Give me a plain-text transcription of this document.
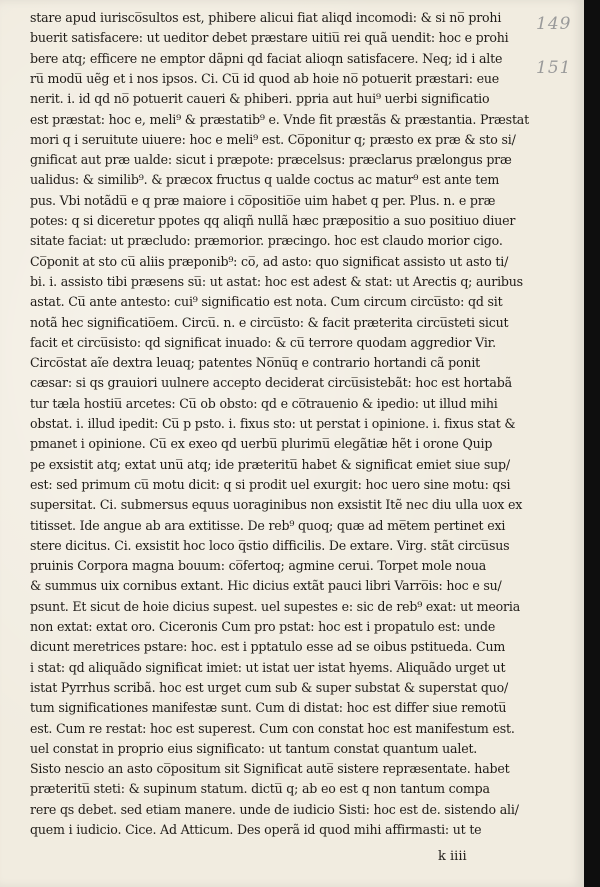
149
151
stare apud iurisco̅sultos est, phibere alicui fiat aliqd incomodi: & si no̅ prohi
buerit satisfacere: ut ueditor debet præstare uitiu̅ rei quã uendit: hoc e prohi
bere atq; efficere ne emptor dãpni qd faciat alioqn satisfacere. Neq; id i alte
ru̅ modu̅ uẽg et i nos ipsos. Ci. Cu̅ id quod ab hoie no̅ potuerit præstari: eue
nerit. i. id qd no̅ potuerit caueri & phiberi. ppria aut hui⁹ uerbi significatio
est præstat: hoc e, meli⁹ & præstatib⁹ e. Vnde fit præstãs & præstantia. Præstat
mori q i seruitute uiuere: hoc e meli⁹ est. Co̅ponitur q; præsto ex præ & sto si/
gnificat aut præ ualde: sicut i præpote: præcelsus: præclarus prælongus præ
ualidus: & similib⁹. & præcox fructus q ualde coctus ac matur⁹ est ante tem
pus. Vbi notãdu̅ e q præ maiore i co̅positio̅e uim habet q per. Plus. n. e præ
potes: q si diceretur ppotes qq aliqñ nullã hæc præpositio a suo positiuo diuer
sitate faciat: ut præcludo: præmorior. præcingo. hoc est claudo morior cigo.
Co̅ponit at sto cu̅ aliis præponib⁹: co̅, ad asto: quo significat assisto ut asto ti/
bi. i. assisto tibi præsens su̅: ut astat: hoc est adest & stat: ut Arectis q; auribus
astat. Cu̅ ante antesto: cui⁹ significatio est nota. Cum circum circu̅sto: qd sit
notã hec significatio̅em. Circu̅. n. e circu̅sto: & facit præterita circu̅steti sicut
facit et circu̅sisto: qd significat inuado: & cu̅ terrore quodam aggredior Vir.
Circo̅stat aĩe dextra leuaq; patentes No̅nu̅q e contrario hortandi cã ponit
cæsar: si qs grauiori uulnere accepto deciderat circu̅sistebãt: hoc est hortabã
tur tæla hostiu̅ arcetes: Cu̅ ob obsto: qd e co̅trauenio & ipedio: ut illud mihi
obstat. i. illud ipedit: Cu̅ p psto. i. fixus sto: ut perstat i opinione. i. fixus stat &
pmanet i opinione. Cu̅ ex exeo qd uerbu̅ plurimu̅ elegãtiæ hẽt i orone Quip
pe exsistit atq; extat unu̅ atq; ide præteritu̅ habet & significat emiet siue sup/
est: sed primum cu̅ motu dicit: q si prodit uel exurgit: hoc uero sine motu: qsi
supersitat. Ci. submersus equus uoraginibus non exsistit Itẽ nec diu ulla uox ex
titisset. Ide angue ab ara extitisse. De reb⁹ quoq; quæ ad me̅tem pertinet exi
stere dicitus. Ci. exsistit hoc loco q̅stio difficilis. De extare. Virg. stãt circu̅sus
pruinis Corpora magna bouum: co̅fertoq; agmine cerui. Torpet mole noua
& summus uix cornibus extant. Hic dicius extãt pauci libri Varro̅is: hoc e su/
psunt. Et sicut de hoie dicius supest. uel supestes e: sic de reb⁹ exat: ut meoria
non extat: extat oro. Ciceronis Cum pro pstat: hoc est i propatulo est: unde
dicunt meretrices pstare: hoc. est i pptatulo esse ad se oibus pstitueda. Cum
i stat: qd aliquãdo significat imiet: ut istat uer istat hyems. Aliquãdo urget ut
istat Pyrrhus scribã. hoc est urget cum sub & super substat & superstat quo/
tum significationes manifestæ sunt. Cum di distat: hoc est differ siue remotu̅
est. Cum re restat: hoc est superest. Cum con constat hoc est manifestum est.
uel constat in proprio eius significato: ut tantum constat quantum ualet.
Sisto nescio an asto co̅positum sit Significat aute̅ sistere repræsentate. habet
præteritu̅ steti: & supinum statum. dictu̅ q; ab eo est q non tantum compa
rere qs debet. sed etiam manere. unde de iudicio Sisti: hoc est de. sistendo ali/
quem i iudicio. Cice. Ad Atticum. Des operã id quod mihi affirmasti: ut te
k iiii
